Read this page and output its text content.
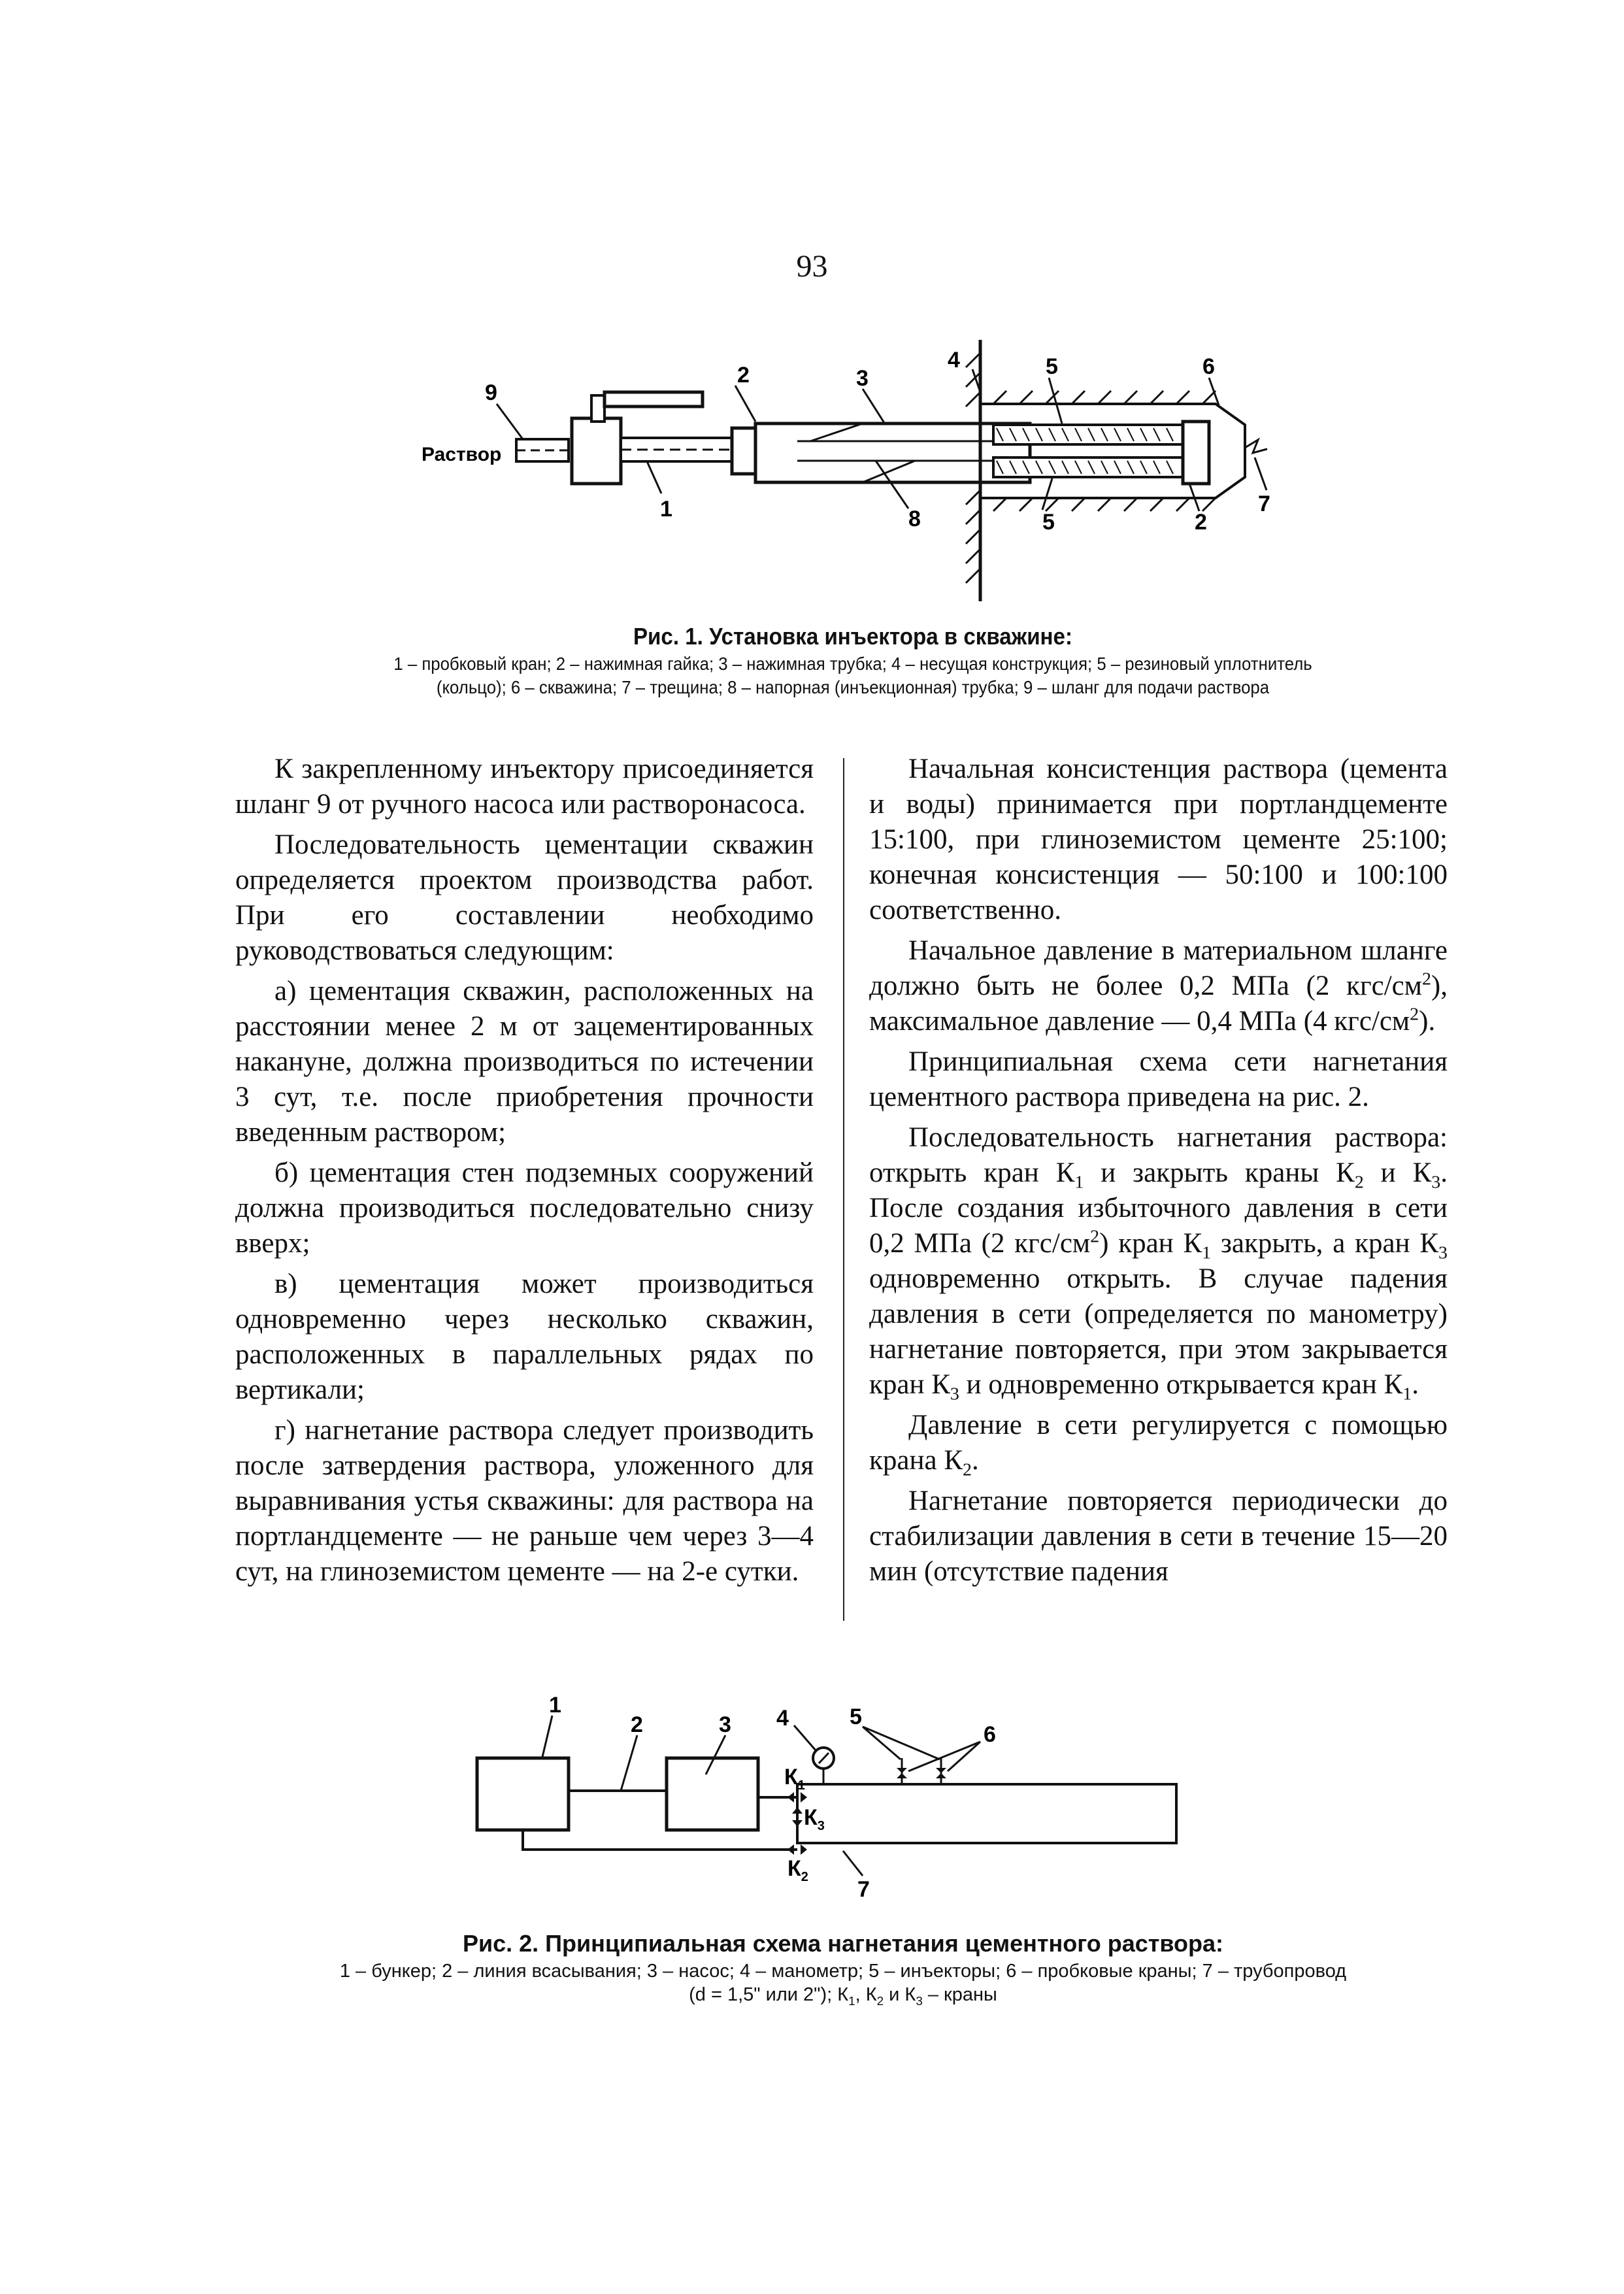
93
Раствор
9
1
2	3
8
4	5
5	2
6
7
Рис. 1. Установка инъектора в скважине:
1 – пробковый кран; 2 – нажимная гайка; 3 – нажимная трубка; 4 – несущая конструкция; 5 – резиновый уплотнитель (кольцо); 6 – скважина; 7 – трещина; 8 – напорная (инъекционная) трубка; 9 – шланг для подачи раствора

К закрепленному инъектору присоединяется шланг 9 от ручного насоса или растворонасоса.

Последовательность цементации скважин определяется проектом производства работ. При его составлении необходимо руководствоваться следующим:

а) цементация скважин, расположенных на расстоянии менее 2 м от зацементированных накануне, должна производиться по истечении 3 сут, т.е. после приобретения прочности введенным раствором;

б) цементация стен подземных сооружений должна производиться последовательно снизу вверх;

в) цементация может производиться одновременно через несколько скважин, расположенных в параллельных рядах по вертикали;

г) нагнетание раствора следует производить после затвердения раствора, уложенного для выравнивания устья скважины: для раствора на портландцементе — не раньше чем через 3—4 сут, на глиноземистом цементе — на 2-е сутки.

Начальная консистенция раствора (цемента и воды) принимается при портландцементе 15:100, при глиноземистом цементе 25:100; конечная консистенция — 50:100 и 100:100 соответственно.

Начальное давление в материальном шланге должно быть не более 0,2 МПа (2 кгс/$см^2$), максимальное давление — 0,4 МПа (4 кгс/$см^2$).

Принципиальная схема сети нагнетания цементного раствора приведена на рис. 2.

Последовательность нагнетания раствора: открыть кран $К_1$ и закрыть краны $К_2$ и $К_3$. После создания избыточного давления в сети 0,2 МПа (2 кгс/$см^2$) кран $К_1$ закрыть, а кран $К_3$ одновременно открыть. В случае падения давления в сети (определяется по манометру) нагнетание повторяется, при этом закрывается кран $К_3$ и одновременно открывается кран $К_1$.

Давление в сети регулируется с помощью крана $К_2$.

Нагнетание повторяется периодически до стабилизации давления в сети в течение 15—20 мин (отсутствие падения

1
2	3
7
$К_1$
$К_3$
$К_2$
4	5
6
Рис. 2. Принципиальная схема нагнетания цементного раствора:
1 – бункер; 2 – линия всасывания; 3 – насос; 4 – манометр; 5 – инъекторы; 6 – пробковые краны; 7 – трубопровод
(d = 1,5" или 2"); $К_1$, $К_2$ и $К_3$ – краны
